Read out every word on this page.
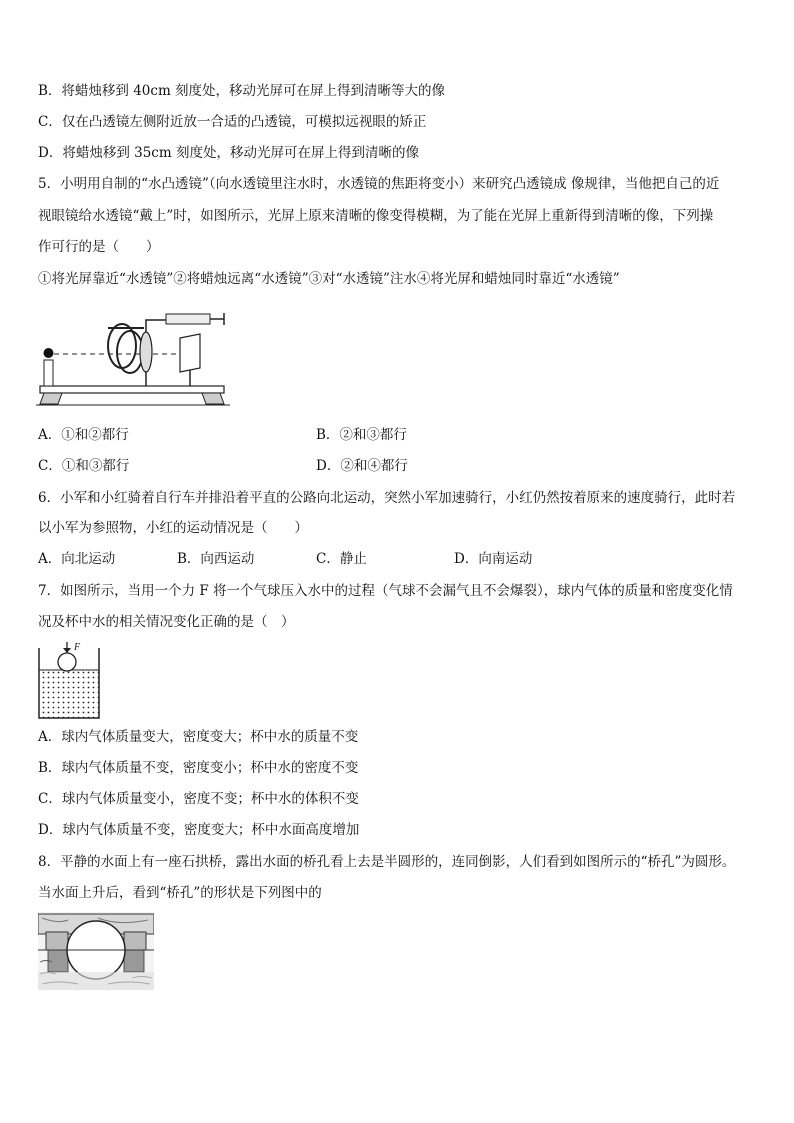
B．将蜡烛移到 40cm 刻度处，移动光屏可在屏上得到清晰等大的像
C．仅在凸透镜左侧附近放一合适的凸透镜，可模拟远视眼的矫正
D．将蜡烛移到 35cm 刻度处，移动光屏可在屏上得到清晰的像
5．小明用自制的“水凸透镜”（向水透镜里注水时，水透镜的焦距将变小）来研究凸透镜成 像规律，当他把自己的近
视眼镜给水透镜“戴上”时，如图所示，光屏上原来清晰的像变得模糊，为了能在光屏上重新得到清晰的像，下列操
作可行的是（　　）
①将光屏靠近“水透镜”②将蜡烛远离“水透镜”③对“水透镜”注水④将光屏和蜡烛同时靠近“水透镜”
A．①和②都行	B．②和③都行
C．①和③都行	D．②和④都行
6．小军和小红骑着自行车并排沿着平直的公路向北运动，突然小军加速骑行，小红仍然按着原来的速度骑行，此时若
以小军为参照物，小红的运动情况是（　　）
A．向北运动	B．向西运动	C．静止	D．向南运动
7．如图所示，当用一个力 F 将一个气球压入水中的过程（气球不会漏气且不会爆裂），球内气体的质量和密度变化情
况及杯中水的相关情况变化正确的是（　）
F
A．球内气体质量变大，密度变大；杯中水的质量不变
B．球内气体质量不变，密度变小；杯中水的密度不变
C．球内气体质量变小，密度不变；杯中水的体积不变
D．球内气体质量不变，密度变大；杯中水面高度增加
8．平静的水面上有一座石拱桥，露出水面的桥孔看上去是半圆形的，连同倒影，人们看到如图所示的“桥孔”为圆形。
当水面上升后，看到“桥孔”的形状是下列图中的
